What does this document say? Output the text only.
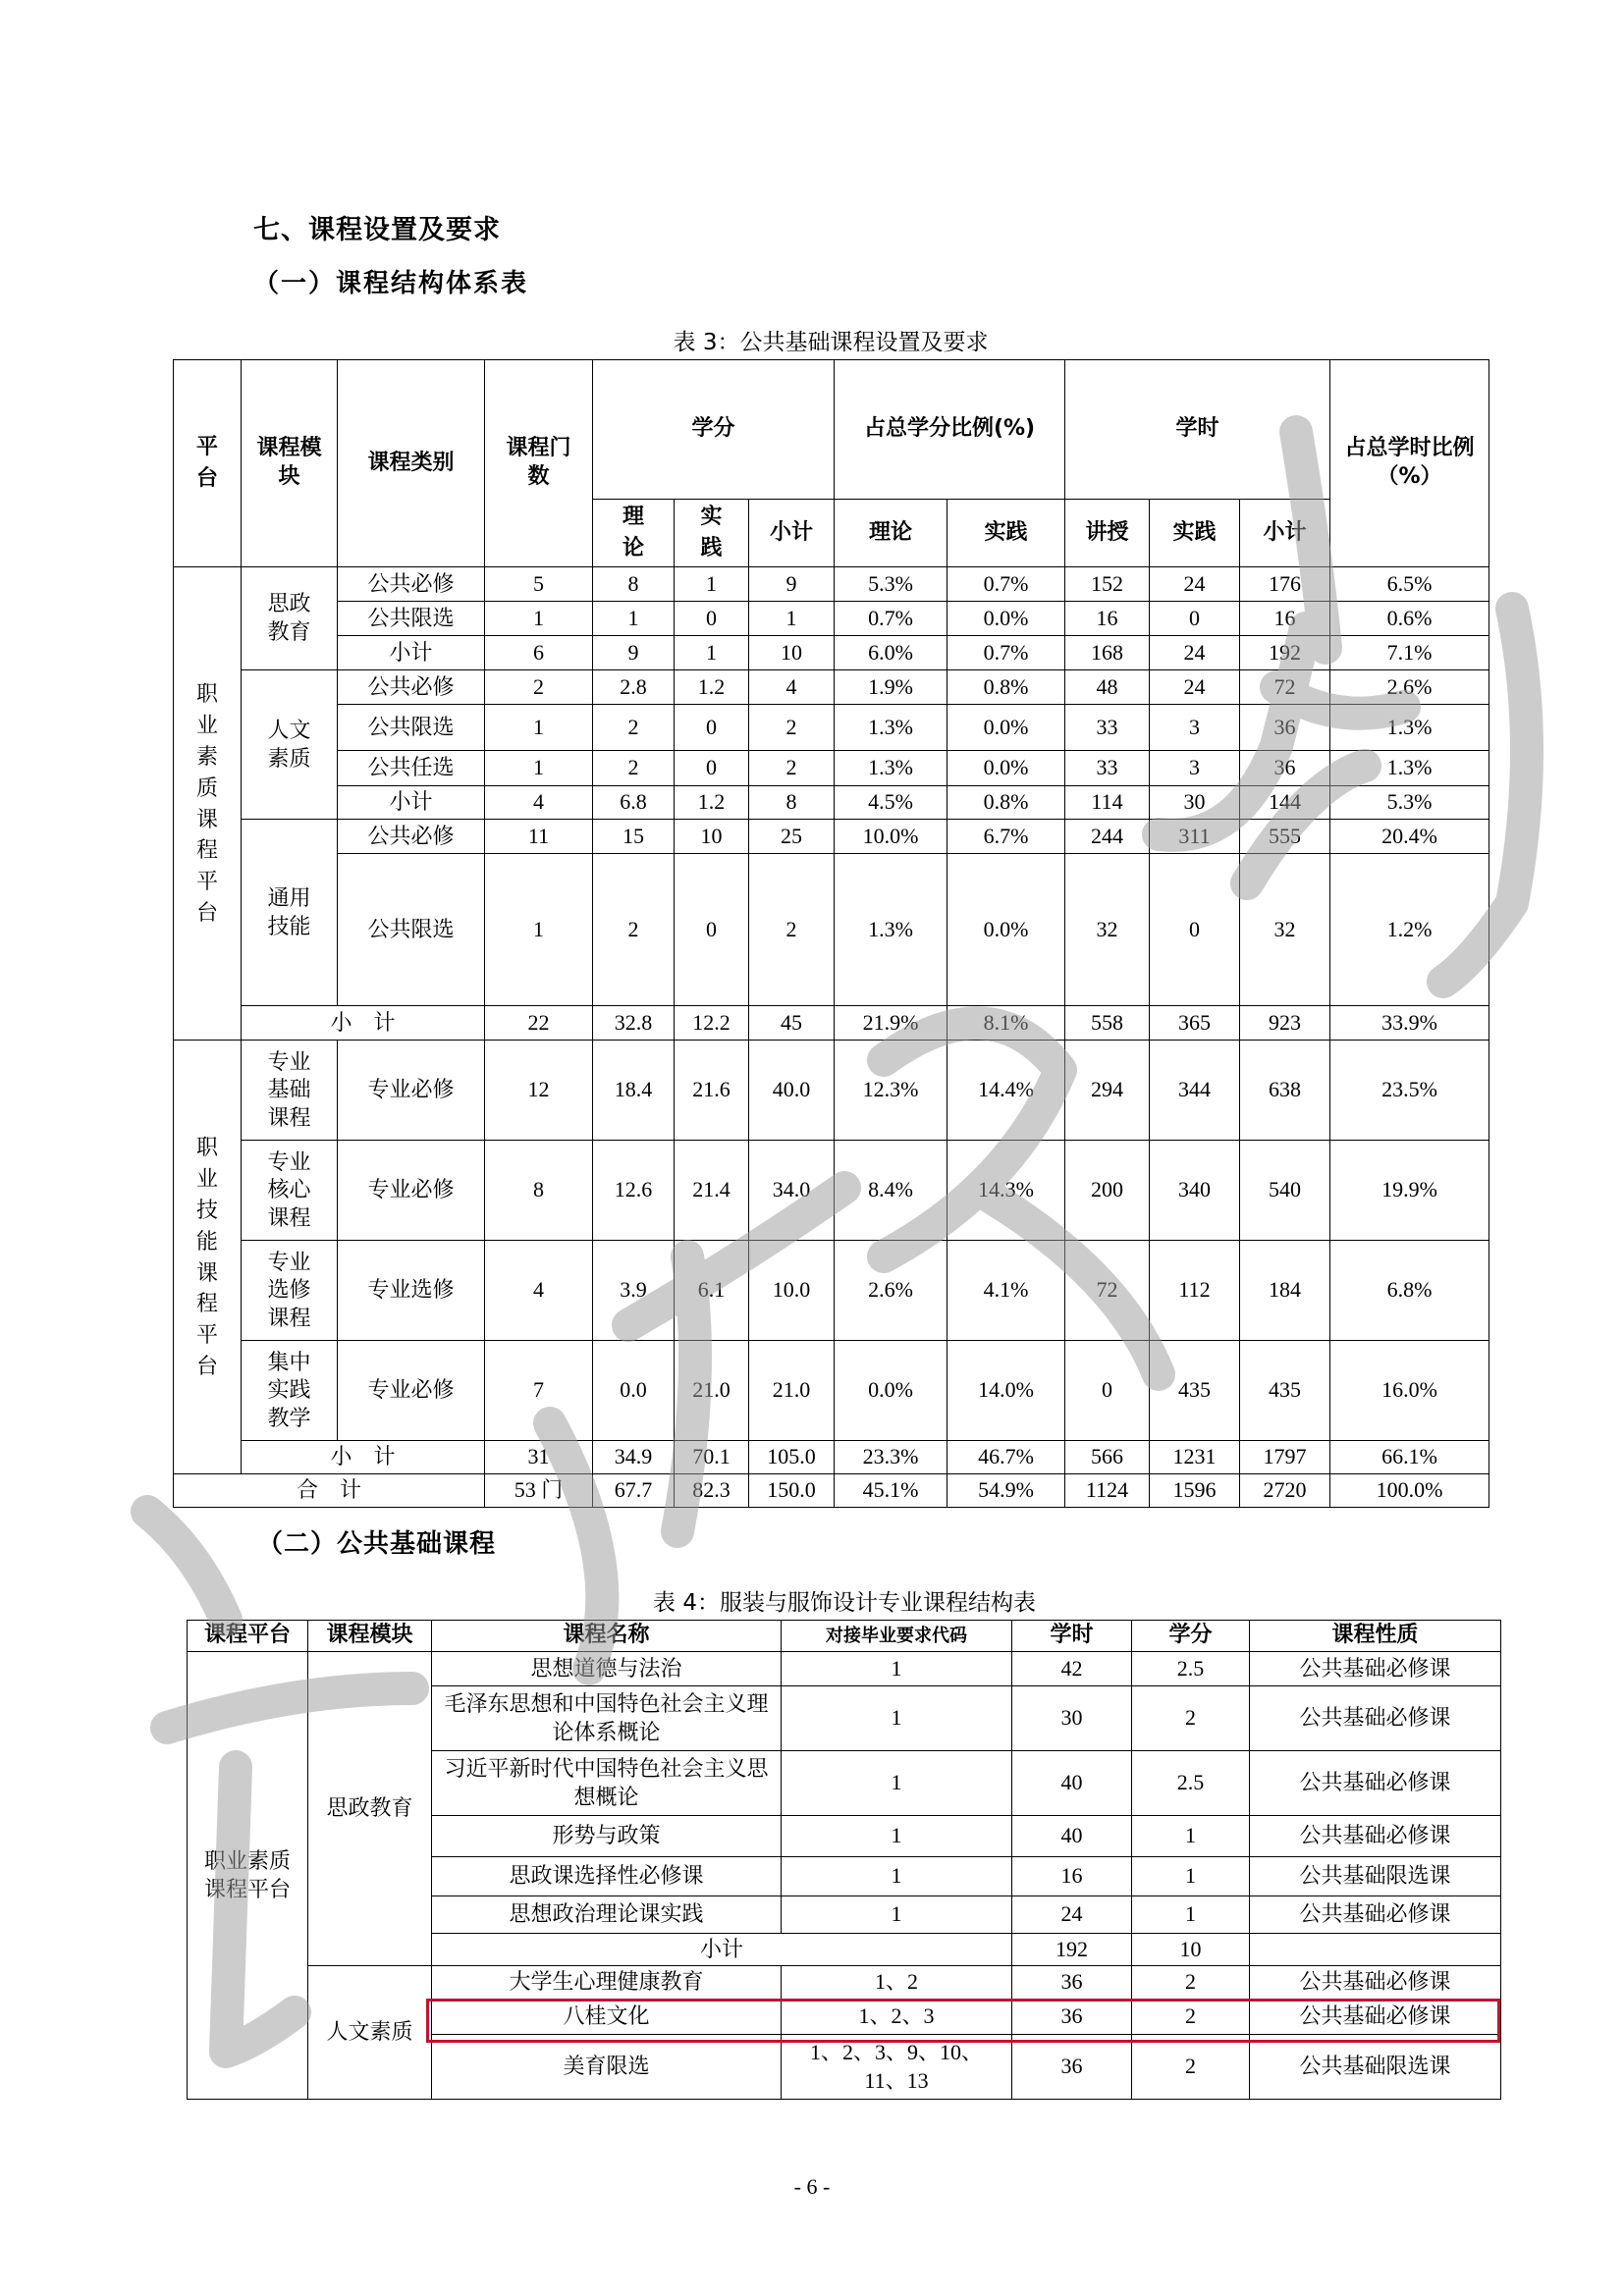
七、课程设置及要求
（一）课程结构体系表
表 3：公共基础课程设置及要求
平台	课程模块	课程类别	课程门数	学分			占总学分比例(%)		学时			占总学时比例（%）

				理论	实践	小计	理论	实践	讲授	实践	小计	

职业素质课程平台	思政教育	公共必修	5	8	1	9	5.3%	0.7%	152	24	176	6.5%
		公共限选	1	1	0	1	0.7%	0.0%	16	0	16	0.6%
		小计	6	9	1	10	6.0%	0.7%	168	24	192	7.1%
	人文素质	公共必修	2	2.8	1.2	4	1.9%	0.8%	48	24	72	2.6%
		公共限选	1	2	0	2	1.3%	0.0%	33	3	36	1.3%
		公共任选	1	2	0	2	1.3%	0.0%	33	3	36	1.3%
		小计	4	6.8	1.2	8	4.5%	0.8%	114	30	144	5.3%
	通用技能	公共必修	11	15	10	25	10.0%	6.7%	244	311	555	20.4%
		公共限选	1	2	0	2	1.3%	0.0%	32	0	32	1.2%
	小　计		22	32.8	12.2	45	21.9%	8.1%	558	365	923	33.9%

职业技能课程平台	专业基础课程	专业必修	12	18.4	21.6	40.0	12.3%	14.4%	294	344	638	23.5%
	专业核心课程	专业必修	8	12.6	21.4	34.0	8.4%	14.3%	200	340	540	19.9%
	专业选修课程	专业选修	4	3.9	6.1	10.0	2.6%	4.1%	72	112	184	6.8%
	集中实践教学	专业必修	7	0.0	21.0	21.0	0.0%	14.0%	0	435	435	16.0%
	小　计		31	34.9	70.1	105.0	23.3%	46.7%	566	1231	1797	66.1%
合　计			53 门	67.7	82.3	150.0	45.1%	54.9%	1124	1596	2720	100.0%
（二）公共基础课程
表 4：服装与服饰设计专业课程结构表
课程平台	课程模块	课程名称	对接毕业要求代码	学时	学分	课程性质
职业素质课程平台	思政教育	思想道德与法治	1	42	2.5	公共基础必修课
		毛泽东思想和中国特色社会主义理论体系概论	1	30	2	公共基础必修课
		习近平新时代中国特色社会主义思想概论	1	40	2.5	公共基础必修课
		形势与政策	1	40	1	公共基础必修课
		思政课选择性必修课	1	16	1	公共基础限选课
		思想政治理论课实践	1	24	1	公共基础必修课
		小计		192	10	
	人文素质	大学生心理健康教育	1、2	36	2	公共基础必修课
		八桂文化	1、2、3	36	2	公共基础必修课
		美育限选	1、2、3、9、10、11、13	36	2	公共基础限选课
- 6 -
